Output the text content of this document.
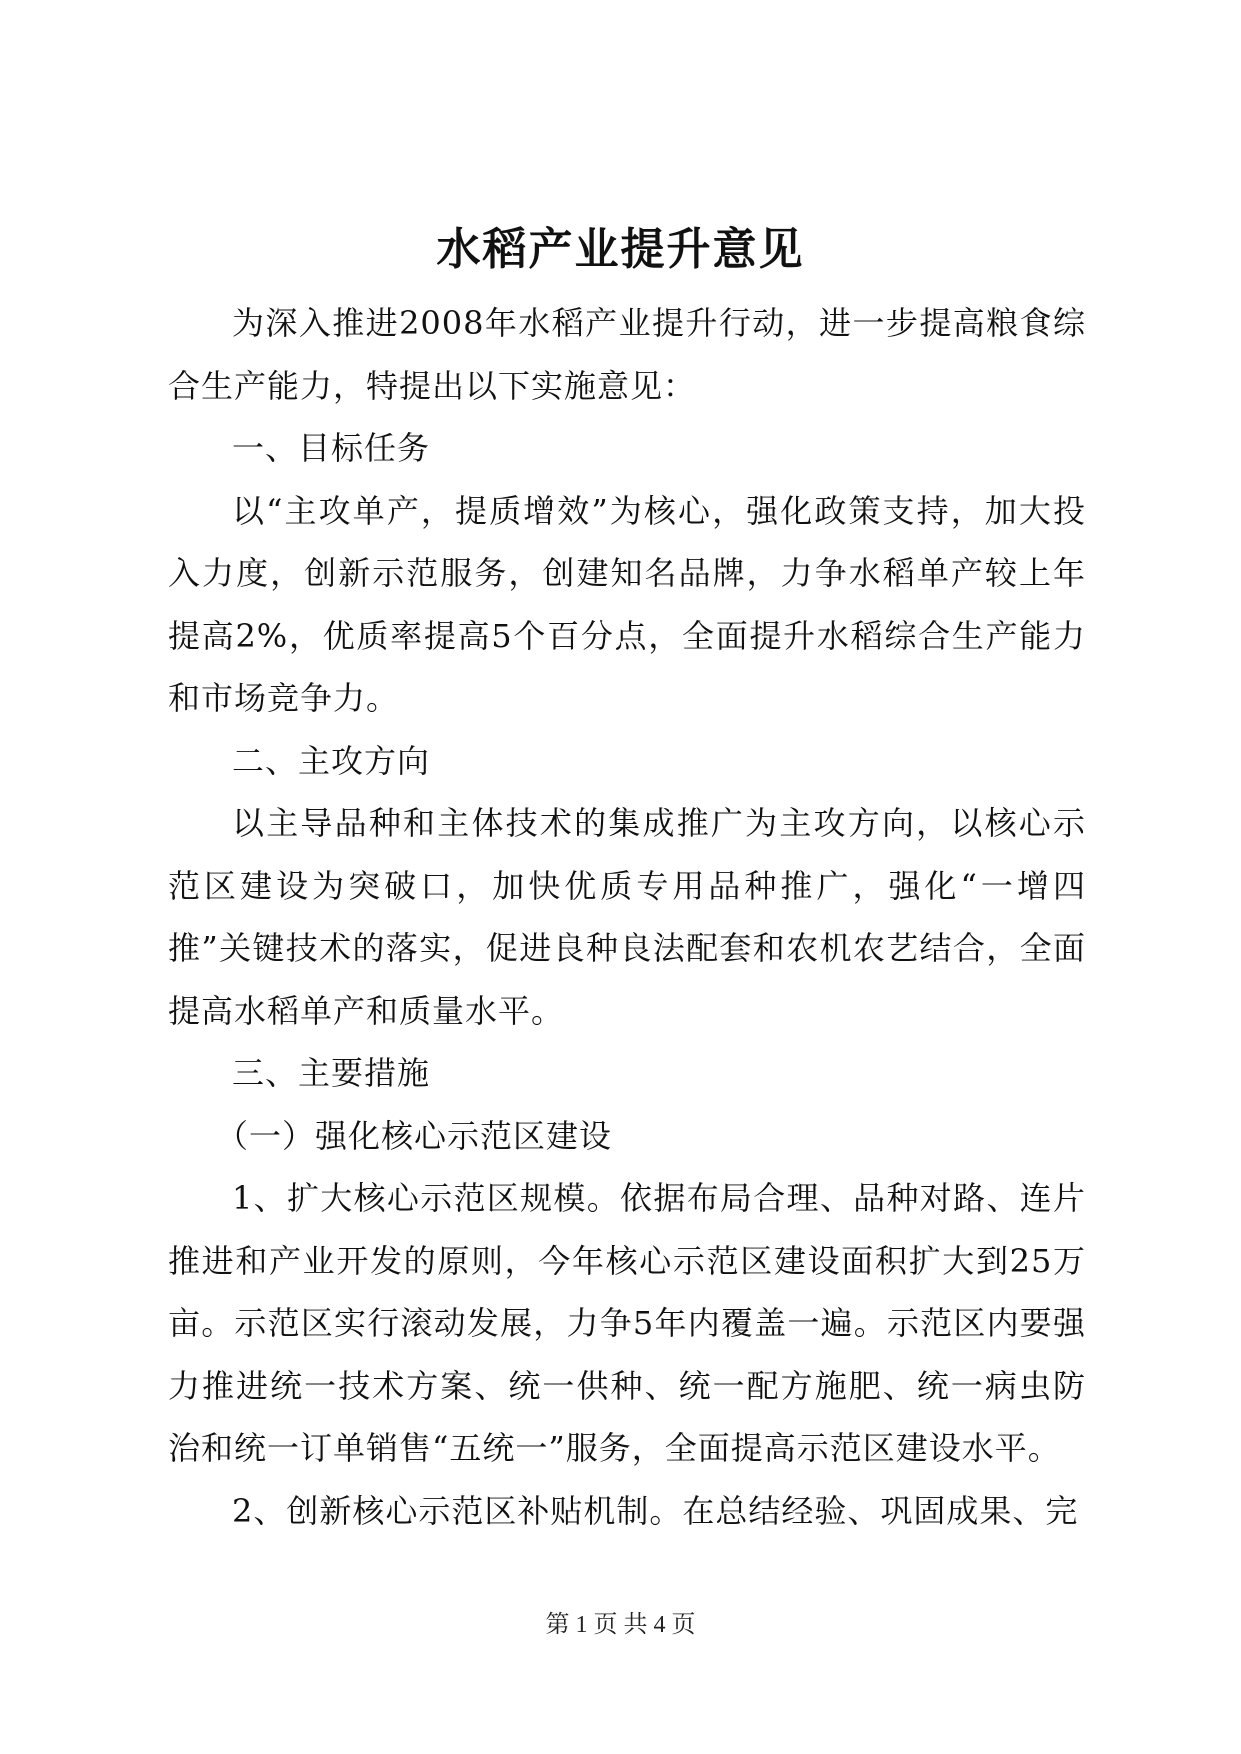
水稻产业提升意见

为深入推进2008年水稻产业提升行动，进一步提高粮食综合生产能力，特提出以下实施意见：

一、目标任务

以“主攻单产，提质增效”为核心，强化政策支持，加大投入力度，创新示范服务，创建知名品牌，力争水稻单产较上年提高2%，优质率提高5个百分点，全面提升水稻综合生产能力和市场竞争力。

二、主攻方向

以主导品种和主体技术的集成推广为主攻方向，以核心示范区建设为突破口，加快优质专用品种推广，强化“一增四推”关键技术的落实，促进良种良法配套和农机农艺结合，全面提高水稻单产和质量水平。

三、主要措施

（一）强化核心示范区建设

1、扩大核心示范区规模。依据布局合理、品种对路、连片推进和产业开发的原则，今年核心示范区建设面积扩大到25万亩。示范区实行滚动发展，力争5年内覆盖一遍。示范区内要强力推进统一技术方案、统一供种、统一配方施肥、统一病虫防治和统一订单销售“五统一”服务，全面提高示范区建设水平。

2、创新核心示范区补贴机制。在总结经验、巩固成果、完

第 1 页 共 4 页
